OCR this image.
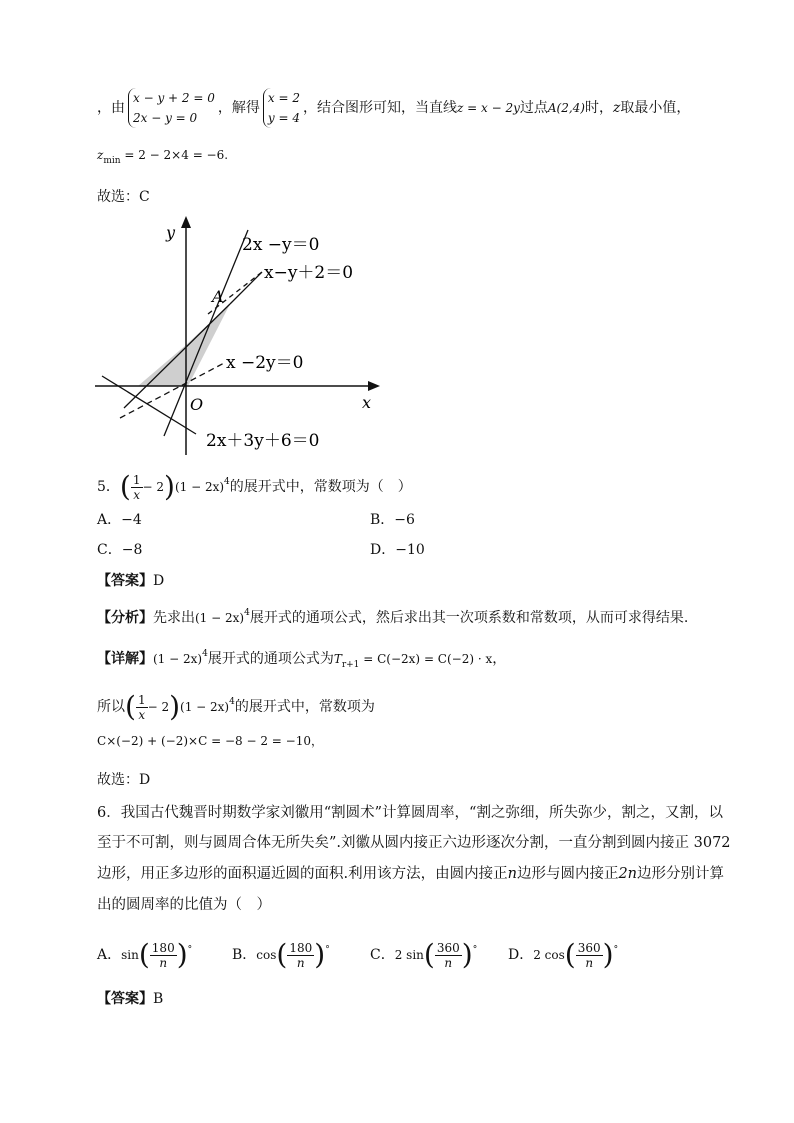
，由
x − y + 2 = 0
2x − y = 0
，解得
x = 2
y = 4
，结合图形可知，当直线z = x − 2y过点A(2,4)时，z取最小值，
$z_{min} = 2 - 2\times 4 = -6$.
故选：C
y
x
O
A
2x −y＝0
x−y＋2＝0
x −2y＝0
2x＋3y＋6＝0
5．( $\frac{1}{x} - 2)(1 - 2x)^4$的展开式中，常数项为（　）
A．−4	B．−6
C．−8	D．−10
【答案】D
【分析】先求出$(1 - 2x)^4$展开式的通项公式，然后求出其一次项系数和常数项，从而可求得结果.
【详解】$(1 - 2x)^4$展开式的通项公式为$T_{r+1} = C(-2x) = C(-2) \cdot x$，
所以( $\frac{1}{x} - 2)(1 - 2x)^4$的展开式中，常数项为
C×(−2) + (−2)×C = −8 − 2 = −10，
故选：D
6．我国古代魏晋时期数学家刘徽用“割圆术”计算圆周率，“割之弥细，所失弥少，割之，又割，以
至于不可割，则与圆周合体无所失矣”.刘徽从圆内接正六边形逐次分割，一直分割到圆内接正 3072
边形，用正多边形的面积逼近圆的面积.利用该方法，由圆内接正n边形与圆内接正2n边形分别计算
出的圆周率的比值为（　）
A．$\sin( \frac{180}{n} )^\circ$	B．$\cos( \frac{180}{n} )^\circ$	C．2 $\sin( \frac{360}{n} )^\circ$ D．2 $\cos( \frac{360}{n} )^\circ$
【答案】B
